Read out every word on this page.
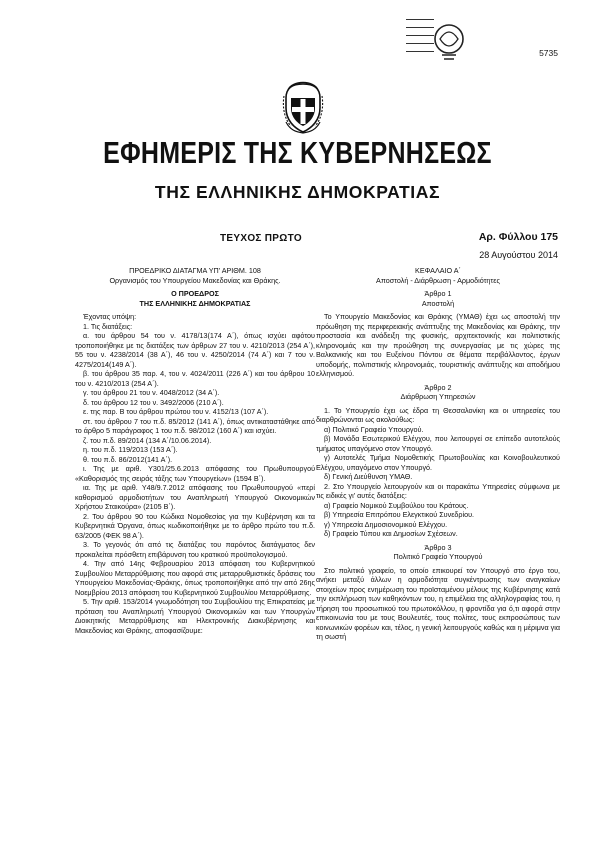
5735
ΕΦΗΜΕΡΙΣ ΤΗΣ ΚΥΒΕΡΝΗΣΕΩΣ
ΤΗΣ ΕΛΛΗΝΙΚΗΣ ΔΗΜΟΚΡΑΤΙΑΣ
ΤΕΥΧΟΣ ΠΡΩΤΟ	Αρ. Φύλλου 175
28 Αυγούστου 2014
ΠΡΟΕΔΡΙΚΟ ΔΙΑΤΑΓΜΑ ΥΠ' ΑΡΙΘΜ. 108
Οργανισμός του Υπουργείου Μακεδονίας και Θράκης.
Ο ΠΡΟΕΔΡΟΣ
ΤΗΣ ΕΛΛΗΝΙΚΗΣ ΔΗΜΟΚΡΑΤΙΑΣ
Έχοντας υπόψη:
1. Τις διατάξεις:
α. του άρθρου 54 του ν. 4178/13(174 Α΄), όπως ισχύει αφότου τροποποιήθηκε με τις διατάξεις των άρθρων 27 του ν. 4210/2013 (254 Α΄), 55 του ν. 4238/2014 (38 Α΄), 46 του ν. 4250/2014 (74 Α΄) και 7 του ν. 4275/2014(149 Α΄).
β. του άρθρου 35 παρ. 4, του ν. 4024/2011 (226 Α΄) και του άρθρου 10 του ν. 4210/2013 (254 Α΄).
γ. του άρθρου 21 του ν. 4048/2012 (34 Α΄).
δ. του άρθρου 12 του ν. 3492/2006 (210 Α΄).
ε. της παρ. Β του άρθρου πρώτου του ν. 4152/13 (107 Α΄).
στ. του άρθρου 7 του π.δ. 85/2012 (141 Α΄), όπως αντικαταστάθηκε από το άρθρο 5 παράγραφος 1 του π.δ. 98/2012 (160 Α΄) και ισχύει.
ζ. του π.δ. 89/2014 (134 Α΄/10.06.2014).
η. του π.δ. 119/2013 (153 Α΄).
θ. του π.δ. 86/2012(141 Α΄).
ι. Της με αριθ. Υ301/25.6.2013 απόφασης του Πρωθυπουργού «Καθορισμός της σειράς τάξης των Υπουργείων» (1594 Β΄).
ια. Της με αριθ. Υ48/9.7.2012 απόφασης του Πρωθυπουργού «περί καθορισμού αρμοδιοτήτων του Αναπληρωτή Υπουργού Οικονομικών Χρήστου Σταικούρα» (2105 Β΄).
2. Του άρθρου 90 του Κώδικα Νομοθεσίας για την Κυβέρνηση και τα Κυβερνητικά Όργανα, όπως κωδικοποιήθηκε με το άρθρο πρώτο του π.δ. 63/2005 (ΦΕΚ 98 Α΄).
3. Το γεγονός ότι από τις διατάξεις του παρόντος διατάγματος δεν προκαλείται πρόσθετη επιβάρυνση του κρατικού προϋπολογισμού.
4. Την από 14ης Φεβρουαρίου 2013 απόφαση του Κυβερνητικού Συμβουλίου Μεταρρύθμισης που αφορά στις μεταρρυθμιστικές δράσεις του Υπουργείου Μακεδονίας-Θράκης, όπως τροποποιήθηκε από την από 26ης Νοεμβρίου 2013 απόφαση του Κυβερνητικού Συμβουλίου Μεταρρύθμισης.
5. Την αριθ. 153/2014 γνωμοδότηση του Συμβουλίου της Επικρατείας με πρόταση του Αναπληρωτή Υπουργού Οικονομικών και των Υπουργών Διοικητικής Μεταρρύθμισης και Ηλεκτρονικής Διακυβέρνησης και Μακεδονίας και Θράκης, αποφασίζουμε:
ΚΕΦΑΛΑΙΟ Α΄
Αποστολή - Διάρθρωση - Αρμοδιότητες
Άρθρο 1
Αποστολή
Το Υπουργείο Μακεδονίας και Θράκης (ΥΜΑΘ) έχει ως αποστολή την πρόωθηση της περιφερειακής ανάπτυξης της Μακεδονίας και Θράκης, την προστασία και ανάδειξη της φυσικής, αρχιτεκτονικής και πολιτιστικής κληρονομιάς και την προώθηση της συνεργασίας με τις χώρες της Βαλκανικής και του Ευξείνου Πόντου σε θέματα περιβάλλοντος, έργων υποδομής, πολιτιστικής κληρονομιάς, τουριστικής ανάπτυξης και αποδήμου ελληνισμού.
Άρθρο 2
Διάρθρωση Υπηρεσιών
1. Το Υπουργείο έχει ως έδρα τη Θεσσαλονίκη και οι υπηρεσίες του διαρθρώνονται ως ακολούθως:
α) Πολιτικό Γραφείο Υπουργού.
β) Μονάδα Εσωτερικού Ελέγχου, που λειτουργεί σε επίπεδο αυτοτελούς τμήματος υπαγόμενο στον Υπουργό.
γ) Αυτοτελές Τμήμα Νομοθετικής Πρωτοβουλίας και Κοινοβουλευτικού Ελέγχου, υπαγόμενο στον Υπουργό.
δ) Γενική Διεύθυνση ΥΜΑΘ.
2. Στο Υπουργείο λειτουργούν και οι παρακάτω Υπηρεσίες σύμφωνα με τις ειδικές γι' αυτές διατάξεις:
α) Γραφείο Νομικού Συμβούλου του Κράτους.
β) Υπηρεσία Επιτρόπου Ελεγκτικού Συνεδρίου.
γ) Υπηρεσία Δημοσιονομικού Ελέγχου.
δ) Γραφείο Τύπου και Δημοσίων Σχέσεων.
Άρθρο 3
Πολιτικό Γραφείο Υπουργού
Στο πολιτικό γραφείο, το οποίο επικουρεί τον Υπουργό στο έργο του, ανήκει μεταξύ άλλων η αρμοδιότητα συγκέντρωσης των αναγκαίων στοιχείων προς ενημέρωση του προϊσταμένου μέλους της Κυβέρνησης κατά την εκπλήρωση των καθηκόντων του, η επιμέλεια της αλληλογραφίας του, η τήρηση του προσωπικού του πρωτοκόλλου, η φροντίδα για ό,τι αφορά στην επικοινωνία του με τους Βουλευτές, τους πολίτες, τους εκπροσώπους των κοινωνικών φορέων και, τέλος, η γενική λειτουργούς καθώς και η μέριμνα για τη σωστή
